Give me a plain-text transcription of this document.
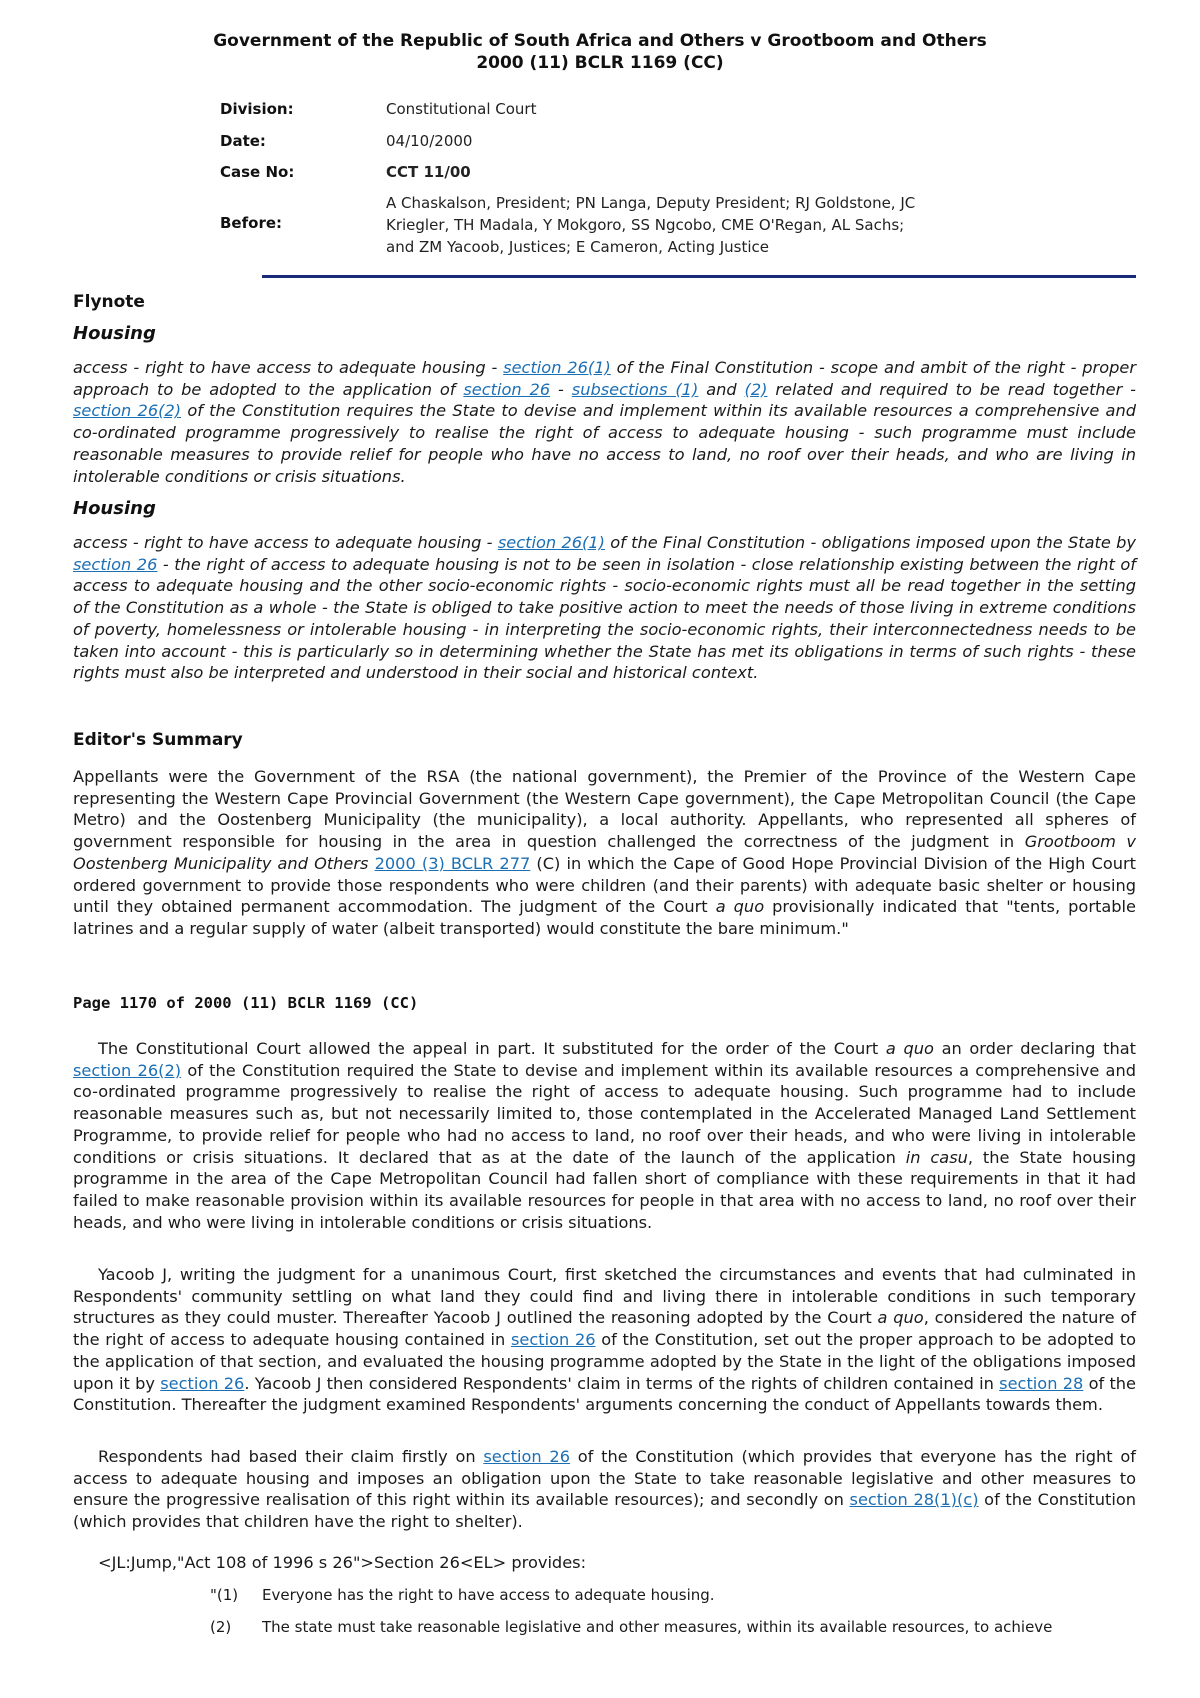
Government of the Republic of South Africa and Others v Grootboom and Others
2000 (11) BCLR 1169 (CC)
Division:	Constitutional Court
Date:	04/10/2000
Case No:	CCT 11/00
Before:
A Chaskalson, President; PN Langa, Deputy President; RJ Goldstone, JC
Kriegler, TH Madala, Y Mokgoro, SS Ngcobo, CME O'Regan, AL Sachs;
and ZM Yacoob, Justices; E Cameron, Acting Justice
Flynote
Housing
access - right to have access to adequate housing - section 26(1) of the Final Constitution - scope and ambit of the right - proper approach to be adopted to the application of section 26 - subsections (1) and (2) related and required to be read together - section 26(2) of the Constitution requires the State to devise and implement within its available resources a comprehensive and co-ordinated programme progressively to realise the right of access to adequate housing - such programme must include reasonable measures to provide relief for people who have no access to land, no roof over their heads, and who are living in intolerable conditions or crisis situations.
Housing
access - right to have access to adequate housing - section 26(1) of the Final Constitution - obligations imposed upon the State by section 26 - the right of access to adequate housing is not to be seen in isolation - close relationship existing between the right of access to adequate housing and the other socio-economic rights - socio-economic rights must all be read together in the setting of the Constitution as a whole - the State is obliged to take positive action to meet the needs of those living in extreme conditions of poverty, homelessness or intolerable housing - in interpreting the socio-economic rights, their interconnectedness needs to be taken into account - this is particularly so in determining whether the State has met its obligations in terms of such rights - these rights must also be interpreted and understood in their social and historical context.
Editor's Summary
Appellants were the Government of the RSA (the national government), the Premier of the Province of the Western Cape representing the Western Cape Provincial Government (the Western Cape government), the Cape Metropolitan Council (the Cape Metro) and the Oostenberg Municipality (the municipality), a local authority. Appellants, who represented all spheres of government responsible for housing in the area in question challenged the correctness of the judgment in Grootboom v Oostenberg Municipality and Others 2000 (3) BCLR 277 (C) in which the Cape of Good Hope Provincial Division of the High Court ordered government to provide those respondents who were children (and their parents) with adequate basic shelter or housing until they obtained permanent accommodation. The judgment of the Court a quo provisionally indicated that "tents, portable latrines and a regular supply of water (albeit transported) would constitute the bare minimum."
Page 1170 of 2000 (11) BCLR 1169 (CC)
The Constitutional Court allowed the appeal in part. It substituted for the order of the Court a quo an order declaring that section 26(2) of the Constitution required the State to devise and implement within its available resources a comprehensive and co-ordinated programme progressively to realise the right of access to adequate housing. Such programme had to include reasonable measures such as, but not necessarily limited to, those contemplated in the Accelerated Managed Land Settlement Programme, to provide relief for people who had no access to land, no roof over their heads, and who were living in intolerable conditions or crisis situations. It declared that as at the date of the launch of the application in casu, the State housing programme in the area of the Cape Metropolitan Council had fallen short of compliance with these requirements in that it had failed to make reasonable provision within its available resources for people in that area with no access to land, no roof over their heads, and who were living in intolerable conditions or crisis situations.
Yacoob J, writing the judgment for a unanimous Court, first sketched the circumstances and events that had culminated in Respondents' community settling on what land they could find and living there in intolerable conditions in such temporary structures as they could muster. Thereafter Yacoob J outlined the reasoning adopted by the Court a quo, considered the nature of the right of access to adequate housing contained in section 26 of the Constitution, set out the proper approach to be adopted to the application of that section, and evaluated the housing programme adopted by the State in the light of the obligations imposed upon it by section 26. Yacoob J then considered Respondents' claim in terms of the rights of children contained in section 28 of the Constitution. Thereafter the judgment examined Respondents' arguments concerning the conduct of Appellants towards them.
Respondents had based their claim firstly on section 26 of the Constitution (which provides that everyone has the right of access to adequate housing and imposes an obligation upon the State to take reasonable legislative and other measures to ensure the progressive realisation of this right within its available resources); and secondly on section 28(1)(c) of the Constitution (which provides that children have the right to shelter).
<JL:Jump,"Act 108 of 1996 s 26">Section 26<EL> provides:
"(1) Everyone has the right to have access to adequate housing.
(2) The state must take reasonable legislative and other measures, within its available resources, to achieve
